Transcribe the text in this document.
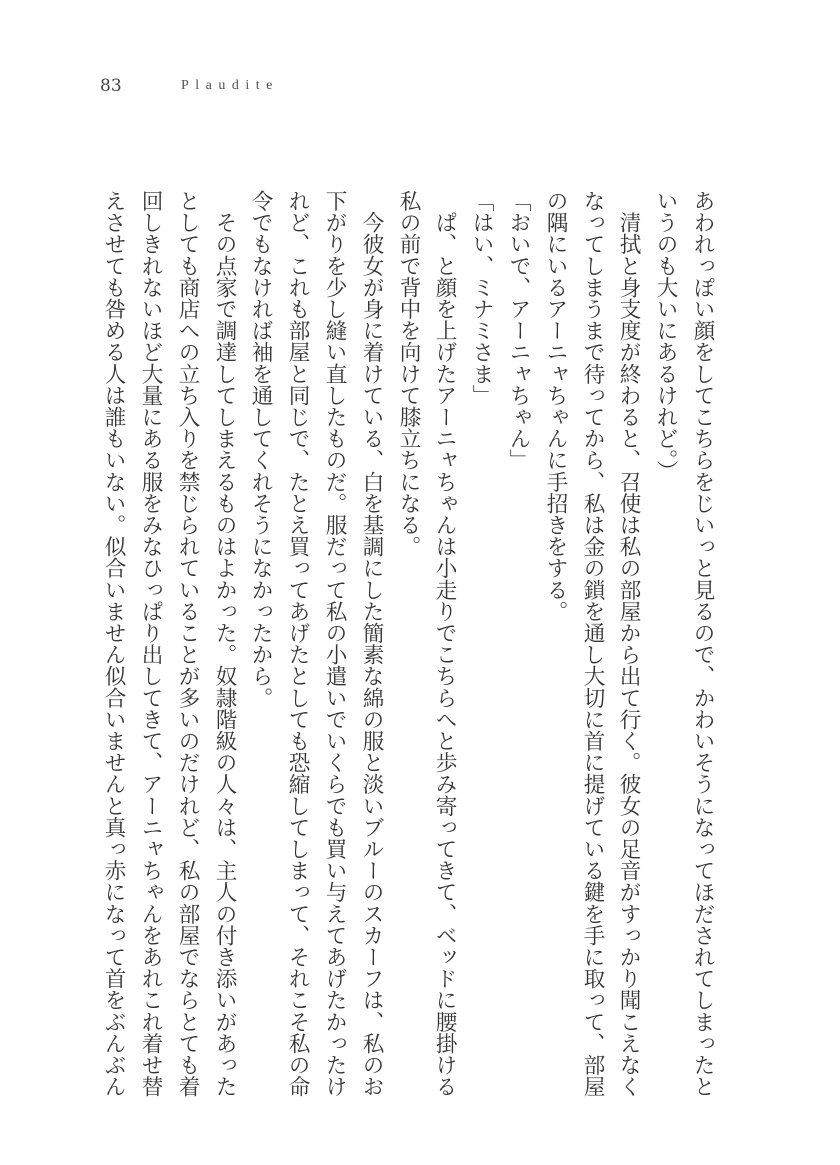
83	Plaudite
あわれっぽい顔をしてこちらをじいっと見るので、かわいそうになってほだされてしまったと
いうのも大いにあるけれど。）
　清拭と身支度が終わると、召使は私の部屋から出て行く。彼女の足音がすっかり聞こえなく
なってしまうまで待ってから、私は金の鎖を通し大切に首に提げている鍵を手に取って、部屋
の隅にいるアーニャちゃんに手招きをする。
「おいで、アーニャちゃん」
「はい、ミナミさま」
　ぱ、と顔を上げたアーニャちゃんは小走りでこちらへと歩み寄ってきて、ベッドに腰掛ける
私の前で背中を向けて膝立ちになる。
　今彼女が身に着けている、白を基調にした簡素な綿の服と淡いブルーのスカーフは、私のお
下がりを少し縫い直したものだ。服だって私の小遣いでいくらでも買い与えてあげたかったけ
れど、これも部屋と同じで、たとえ買ってあげたとしても恐縮してしまって、それこそ私の命
令でもなければ袖を通してくれそうになかったから。
　その点家で調達してしまえるものはよかった。奴隷階級の人々は、主人の付き添いがあった
としても商店への立ち入りを禁じられていることが多いのだけれど、私の部屋でならとても着
回しきれないほど大量にある服をみなひっぱり出してきて、アーニャちゃんをあれこれ着せ替
えさせても咎める人は誰もいない。似合いません似合いませんと真っ赤になって首をぶんぶん
